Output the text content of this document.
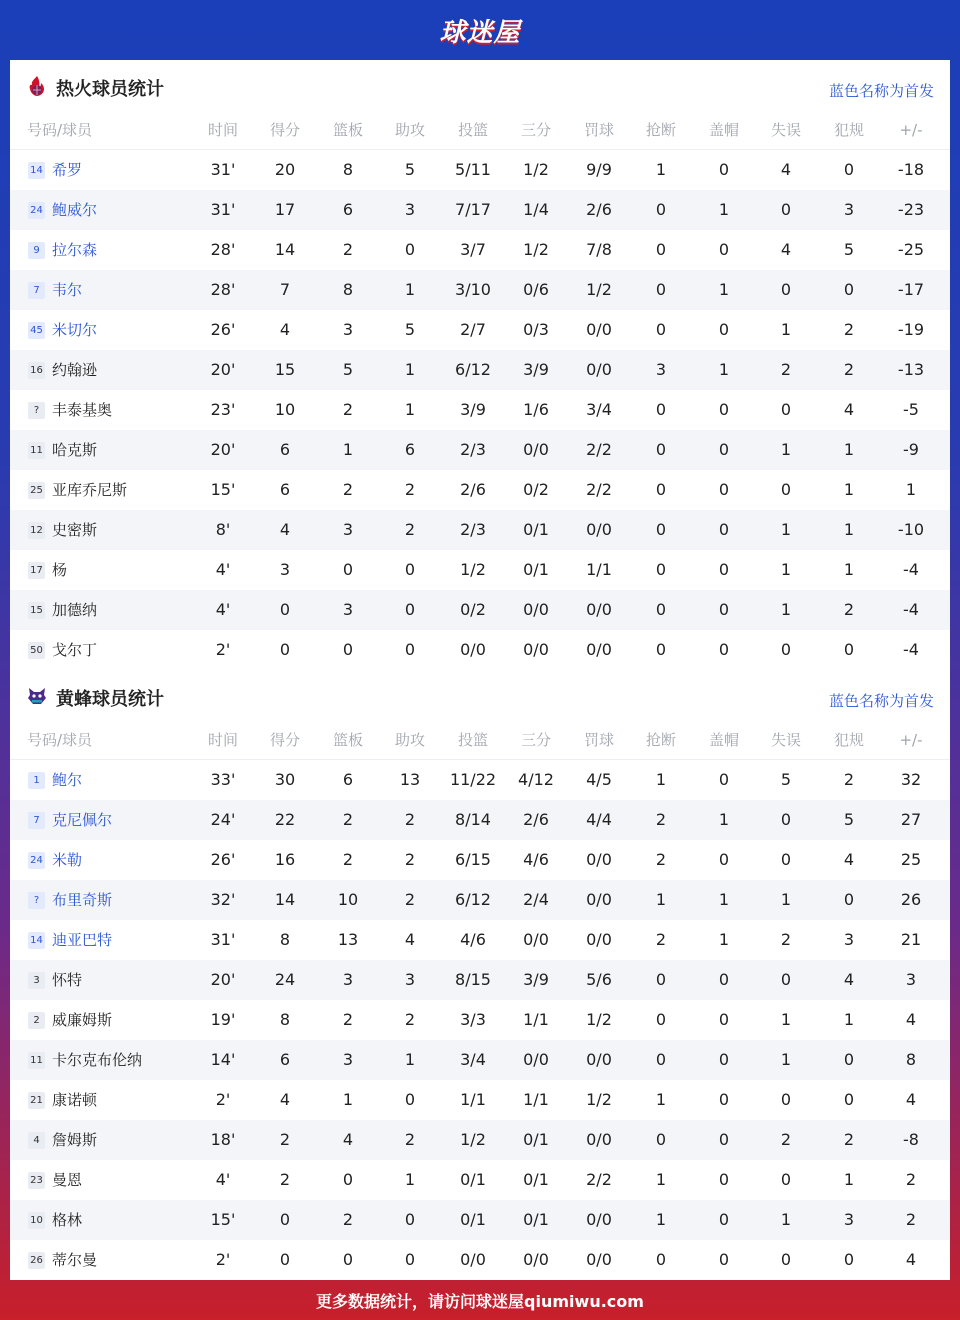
球迷屋
热火球员统计	蓝色名称为首发
号码/球员	时间	得分	篮板	助攻	投篮	三分	罚球	抢断	盖帽	失误	犯规	+/-
14 希罗	31'	20	8	5	5/11	1/2	9/9	1	0	4	0	-18
24 鲍威尔	31'	17	6	3	7/17	1/4	2/6	0	1	0	3	-23
9 拉尔森	28'	14	2	0	3/7	1/2	7/8	0	0	4	5	-25
7 韦尔	28'	7	8	1	3/10	0/6	1/2	0	1	0	0	-17
45 米切尔	26'	4	3	5	2/7	0/3	0/0	0	0	1	2	-19
16 约翰逊	20'	15	5	1	6/12	3/9	0/0	3	1	2	2	-13
? 丰泰基奥	23'	10	2	1	3/9	1/6	3/4	0	0	0	4	-5
11 哈克斯	20'	6	1	6	2/3	0/0	2/2	0	0	1	1	-9
25 亚库乔尼斯	15'	6	2	2	2/6	0/2	2/2	0	0	0	1	1
12 史密斯	8'	4	3	2	2/3	0/1	0/0	0	0	1	1	-10
17 杨	4'	3	0	0	1/2	0/1	1/1	0	0	1	1	-4
15 加德纳	4'	0	3	0	0/2	0/0	0/0	0	0	1	2	-4
50 戈尔丁	2'	0	0	0	0/0	0/0	0/0	0	0	0	0	-4
黄蜂球员统计	蓝色名称为首发
号码/球员	时间	得分	篮板	助攻	投篮	三分	罚球	抢断	盖帽	失误	犯规	+/-
1 鲍尔	33'	30	6	13	11/22	4/12	4/5	1	0	5	2	32
7 克尼佩尔	24'	22	2	2	8/14	2/6	4/4	2	1	0	5	27
24 米勒	26'	16	2	2	6/15	4/6	0/0	2	0	0	4	25
? 布里奇斯	32'	14	10	2	6/12	2/4	0/0	1	1	1	0	26
14 迪亚巴特	31'	8	13	4	4/6	0/0	0/0	2	1	2	3	21
3 怀特	20'	24	3	3	8/15	3/9	5/6	0	0	0	4	3
2 威廉姆斯	19'	8	2	2	3/3	1/1	1/2	0	0	1	1	4
11 卡尔克布伦纳	14'	6	3	1	3/4	0/0	0/0	0	0	1	0	8
21 康诺顿	2'	4	1	0	1/1	1/1	1/2	1	0	0	0	4
4 詹姆斯	18'	2	4	2	1/2	0/1	0/0	0	0	2	2	-8
23 曼恩	4'	2	0	1	0/1	0/1	2/2	1	0	0	1	2
10 格林	15'	0	2	0	0/1	0/1	0/0	1	0	1	3	2
26 蒂尔曼	2'	0	0	0	0/0	0/0	0/0	0	0	0	0	4
更多数据统计，请访问球迷屋qiumiwu.com
